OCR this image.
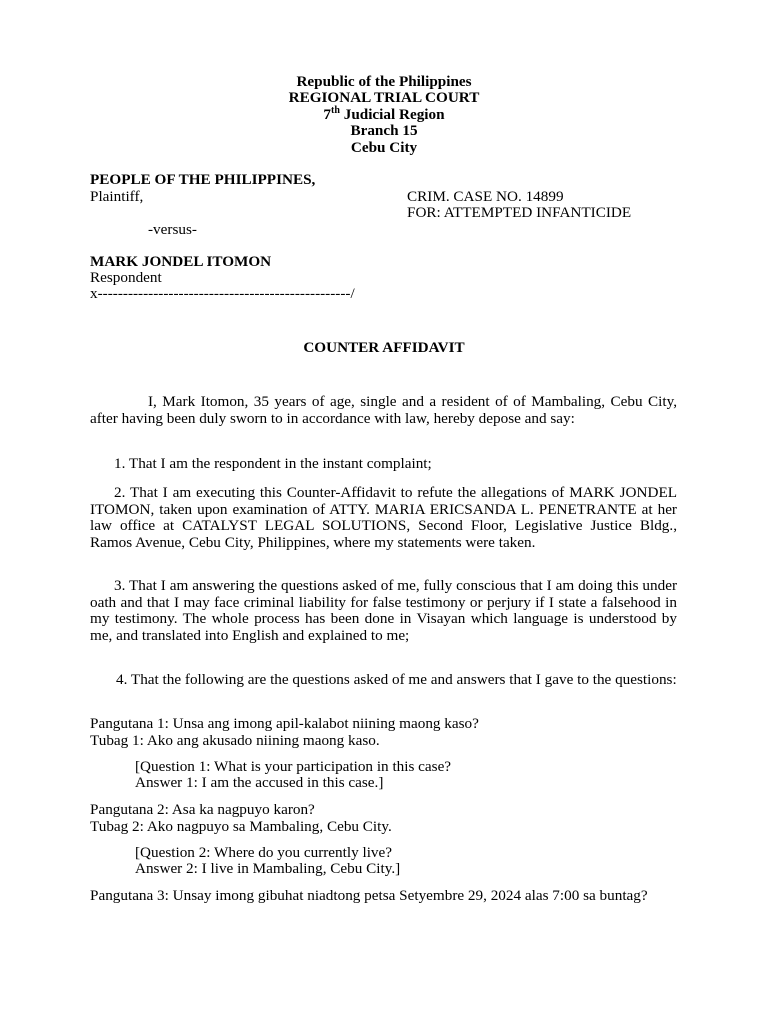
Republic of the Philippines
REGIONAL TRIAL COURT
7th Judicial Region
Branch 15
Cebu City
PEOPLE OF THE PHILIPPINES,
Plaintiff,	CRIM. CASE NO. 14899
FOR: ATTEMPTED INFANTICIDE
-versus-
MARK JONDEL ITOMON
Respondent
x--------------------------------------------------/
COUNTER AFFIDAVIT

I, Mark Itomon, 35 years of age, single and a resident of of Mambaling, Cebu City, after having been duly sworn to in accordance with law, hereby depose and say:

1. That I am the respondent in the instant complaint;

2. That I am executing this Counter-Affidavit to refute the allegations of MARK JONDEL ITOMON, taken upon examination of ATTY. MARIA ERICSANDA L. PENETRANTE at her law office at CATALYST LEGAL SOLUTIONS, Second Floor, Legislative Justice Bldg., Ramos Avenue, Cebu City, Philippines, where my statements were taken.

3. That I am answering the questions asked of me, fully conscious that I am doing this under oath and that I may face criminal liability for false testimony or perjury if I state a falsehood in my testimony. The whole process has been done in Visayan which language is understood by me, and translated into English and explained to me;

4. That the following are the questions asked of me and answers that I gave to the questions:

Pangutana 1: Unsa ang imong apil-kalabot niining maong kaso?
Tubag 1: Ako ang akusado niining maong kaso.
[Question 1: What is your participation in this case?
Answer 1: I am the accused in this case.]
Pangutana 2: Asa ka nagpuyo karon?
Tubag 2: Ako nagpuyo sa Mambaling, Cebu City.
[Question 2: Where do you currently live?
Answer 2: I live in Mambaling, Cebu City.]

Pangutana 3: Unsay imong gibuhat niadtong petsa Setyembre 29, 2024 alas 7:00 sa buntag?
